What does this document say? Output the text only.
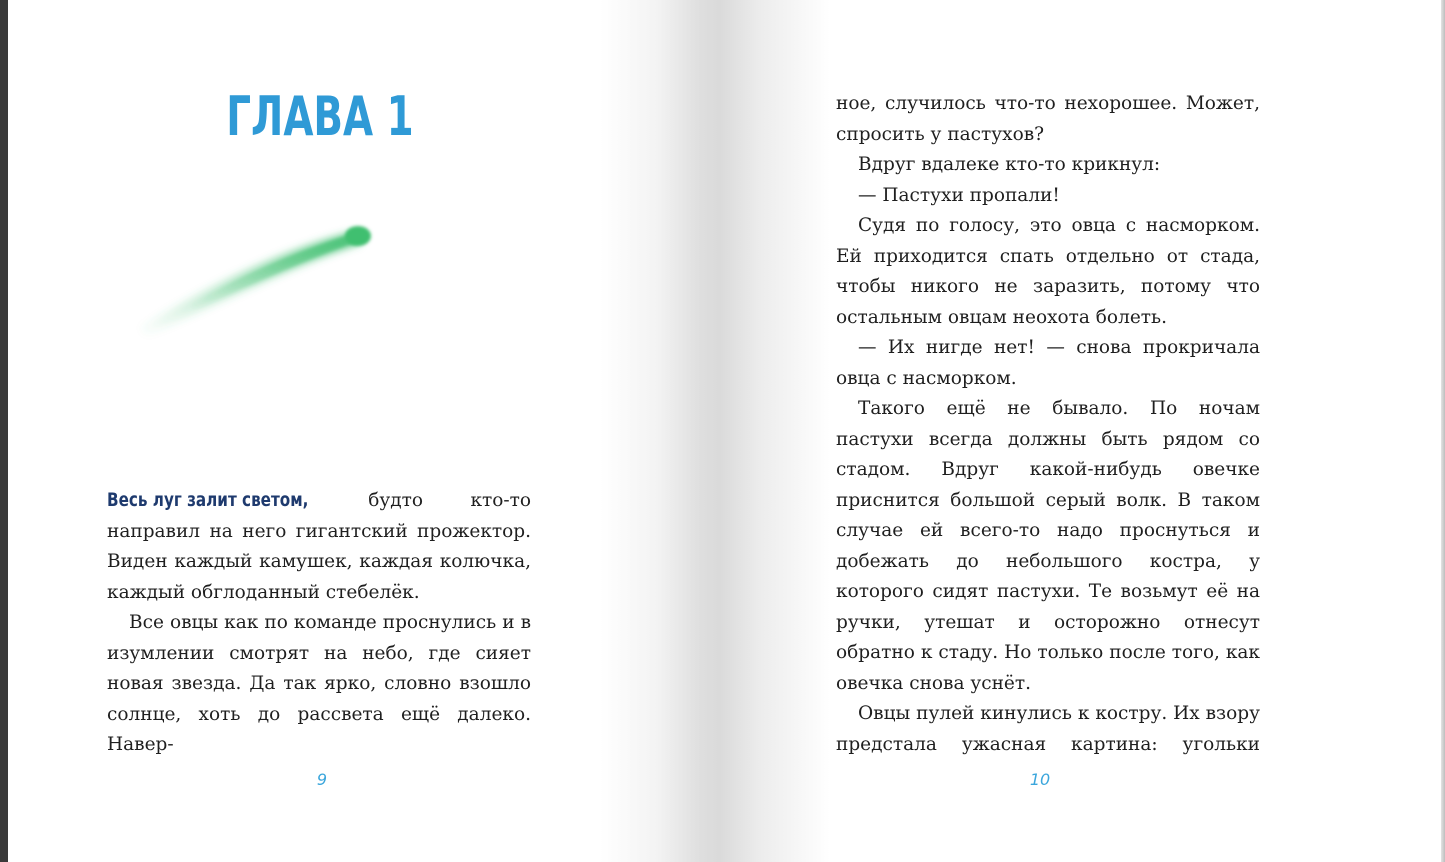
ГЛАВА 1

Весь луг залит светом, будто кто-то направил на него гигантский прожектор. Виден каждый камушек, каждая колючка, каждый обглоданный стебелёк.

Все овцы как по команде проснулись и в изумлении смотрят на небо, где сияет новая звезда. Да так ярко, словно взошло солнце, хоть до рассвета ещё далеко. Навер-

9

ное, случилось что-то нехорошее. Может, спросить у пастухов?

Вдруг вдалеке кто-то крикнул:

— Пастухи пропали!

Судя по голосу, это овца с насморком. Ей приходится спать отдельно от стада, чтобы никого не заразить, потому что остальным овцам неохота болеть.

— Их нигде нет! — снова прокричала овца с насморком.

Такого ещё не бывало. По ночам пастухи всегда должны быть рядом со стадом. Вдруг какой-нибудь овечке приснится большой серый волк. В таком случае ей всего-то надо проснуться и добежать до небольшого костра, у которого сидят пастухи. Те возьмут её на ручки, утешат и осторожно отнесут обратно к стаду. Но только после того, как овечка снова уснёт.

Овцы пулей кинулись к костру. Их взору предстала ужасная картина: угольки

10
